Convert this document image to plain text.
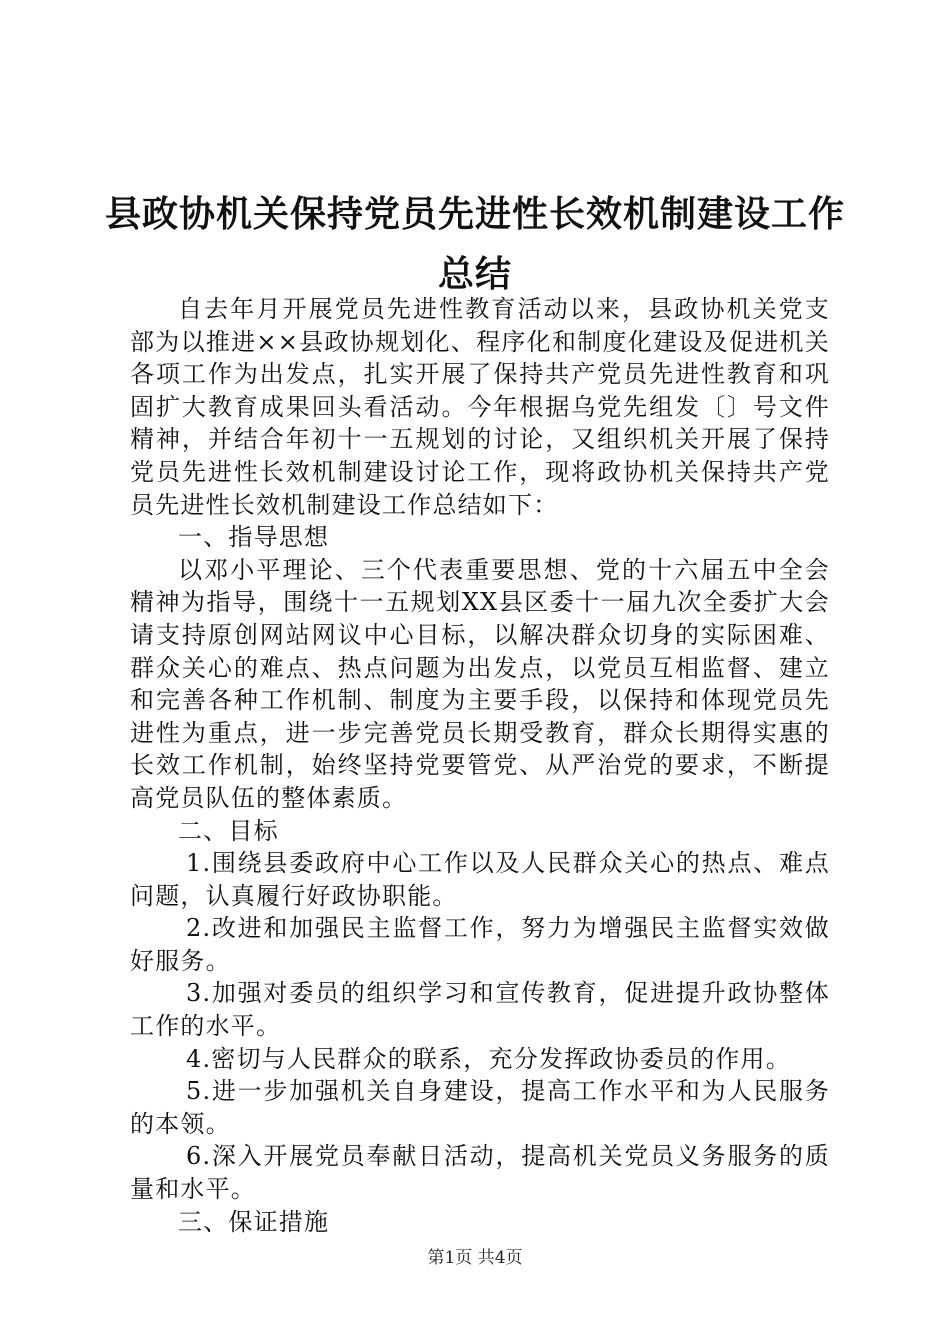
县政协机关保持党员先进性长效机制建设工作
总结

自去年月开展党员先进性教育活动以来，县政协机关党支部为以推进××县政协规划化、程序化和制度化建设及促进机关各项工作为出发点，扎实开展了保持共产党员先进性教育和巩固扩大教育成果回头看活动。今年根据乌党先组发〔〕号文件精神，并结合年初十一五规划的讨论，又组织机关开展了保持党员先进性长效机制建设讨论工作，现将政协机关保持共产党员先进性长效机制建设工作总结如下：

一、指导思想

以邓小平理论、三个代表重要思想、党的十六届五中全会精神为指导，围绕十一五规划XX县区委十一届九次全委扩大会请支持原创网站网议中心目标，以解决群众切身的实际困难、群众关心的难点、热点问题为出发点，以党员互相监督、建立和完善各种工作机制、制度为主要手段，以保持和体现党员先进性为重点，进一步完善党员长期受教育，群众长期得实惠的长效工作机制，始终坚持党要管党、从严治党的要求，不断提高党员队伍的整体素质。

二、目标

1.围绕县委政府中心工作以及人民群众关心的热点、难点问题，认真履行好政协职能。

2.改进和加强民主监督工作，努力为增强民主监督实效做好服务。

3.加强对委员的组织学习和宣传教育，促进提升政协整体工作的水平。

4.密切与人民群众的联系，充分发挥政协委员的作用。

5.进一步加强机关自身建设，提高工作水平和为人民服务的本领。

6.深入开展党员奉献日活动，提高机关党员义务服务的质量和水平。

三、保证措施

第1页 共4页
